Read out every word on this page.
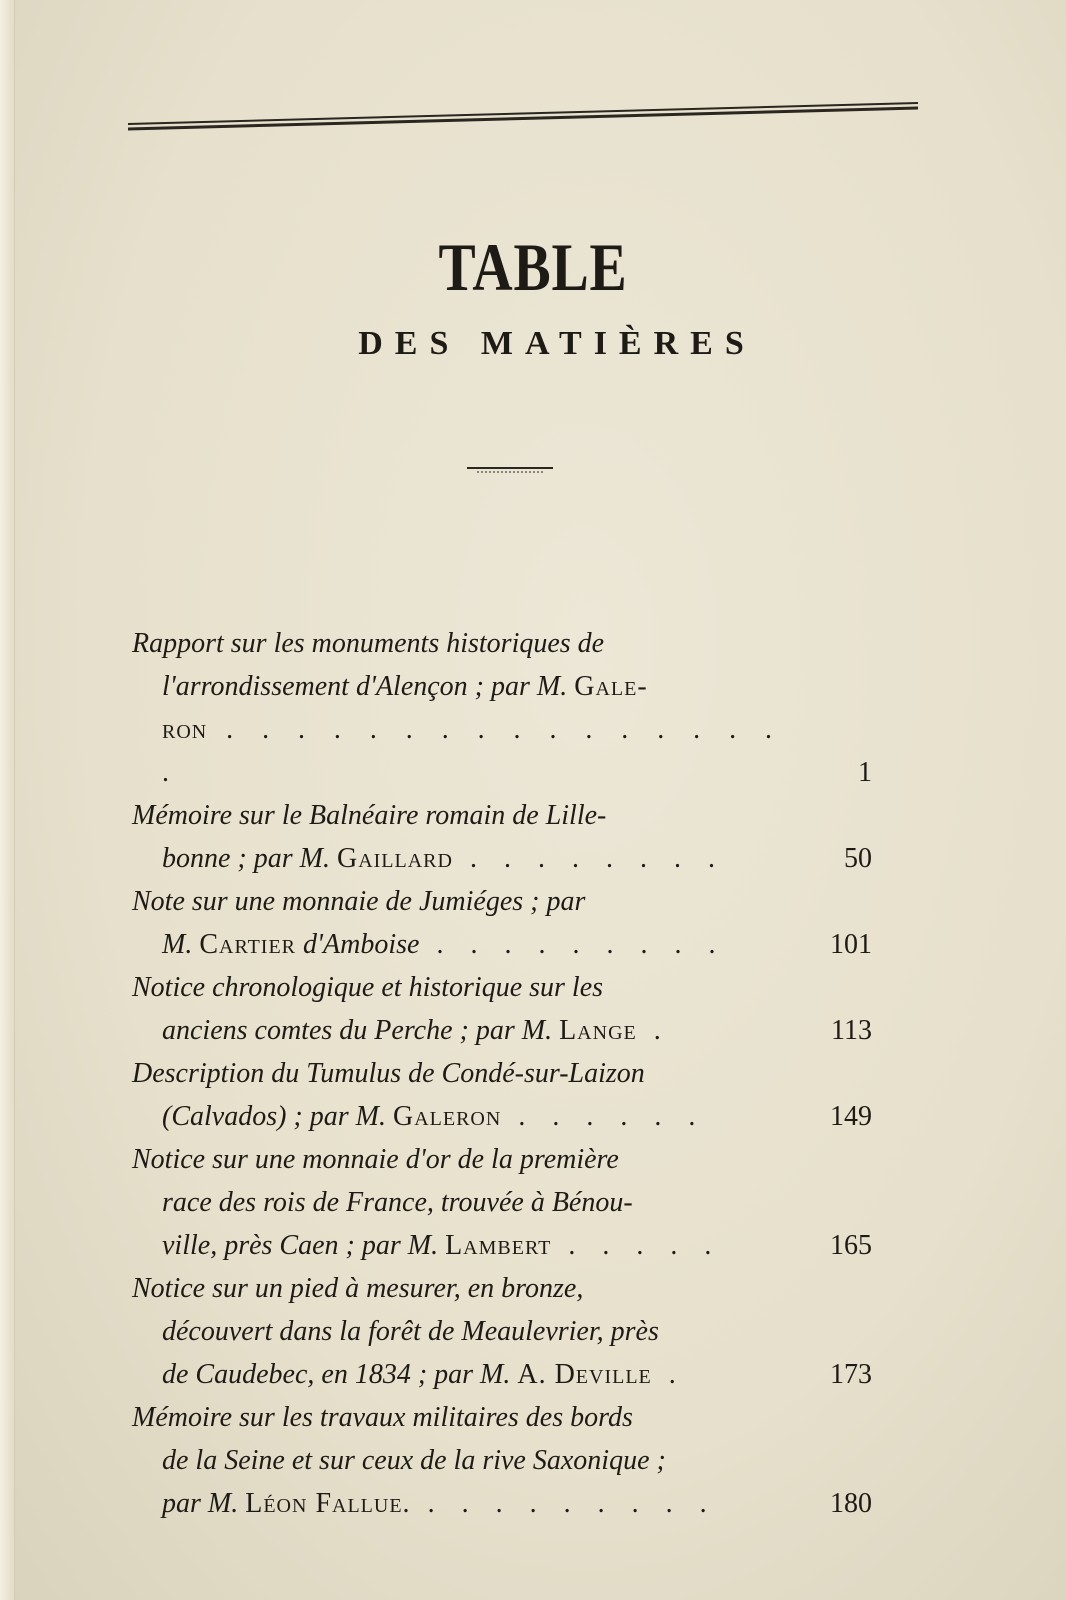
TABLE
DES MATIÈRES
Rapport sur les monuments historiques de

l'arrondissement d'Alençon ; par M. Gale-
ron . . . . . . . . . . . . . . . . .	1
Mémoire sur le Balnéaire romain de Lille-

bonne ; par M. Gaillard . . . . . . . .	50
Note sur une monnaie de Jumiéges ; par

M. Cartier d'Amboise . . . . . . . . .	101
Notice chronologique et historique sur les

anciens comtes du Perche ; par M. Lange .	113
Description du Tumulus de Condé-sur-Laizon

(Calvados) ; par M. Galeron . . . . . .	149
Notice sur une monnaie d'or de la première

race des rois de France, trouvée à Bénou-
ville, près Caen ; par M. Lambert . . . . .	165
Notice sur un pied à mesurer, en bronze,

découvert dans la forêt de Meaulevrier, près
de Caudebec, en 1834 ; par M. A. Deville .	173
Mémoire sur les travaux militaires des bords

de la Seine et sur ceux de la rive Saxonique ;
par M. Léon Fallue. . . . . . . . . .	180
